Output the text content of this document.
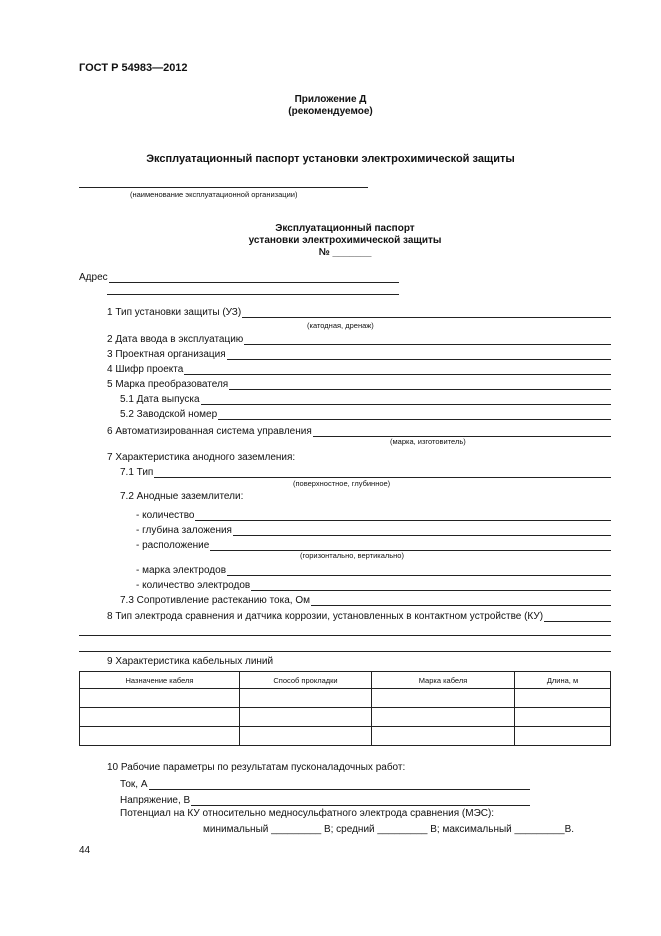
ГОСТ Р 54983—2012
Приложение Д
(рекомендуемое)
Эксплуатационный паспорт установки электрохимической защиты
(наименование эксплуатационной организации)
Эксплуатационный паспорт
установки электрохимической защиты
№ _______
Адрес
1 Тип установки защиты (УЗ)
(катодная, дренаж)
2 Дата ввода в эксплуатацию
3 Проектная организация
4 Шифр проекта
5 Марка преобразователя
5.1 Дата выпуска
5.2 Заводской номер
6 Автоматизированная система управления
(марка, изготовитель)
7 Характеристика анодного заземления:
7.1 Тип
(поверхностное, глубинное)
7.2 Анодные заземлители:
- количество
- глубина заложения
- расположение
(горизонтально, вертикально)
- марка электродов
- количество электродов
7.3 Сопротивление растеканию тока, Ом
8 Тип электрода сравнения и датчика коррозии, установленных в контактном устройстве (КУ)
9 Характеристика кабельных линий
Назначение кабеля	Способ прокладки	Марка кабеля	Длина, м

10 Рабочие параметры по результатам пусконаладочных работ:
Ток, А
Напряжение, В
Потенциал на КУ относительно медносульфатного электрода сравнения (МЭС):
минимальный _________ В; средний _________ В; максимальный _________В.
44
